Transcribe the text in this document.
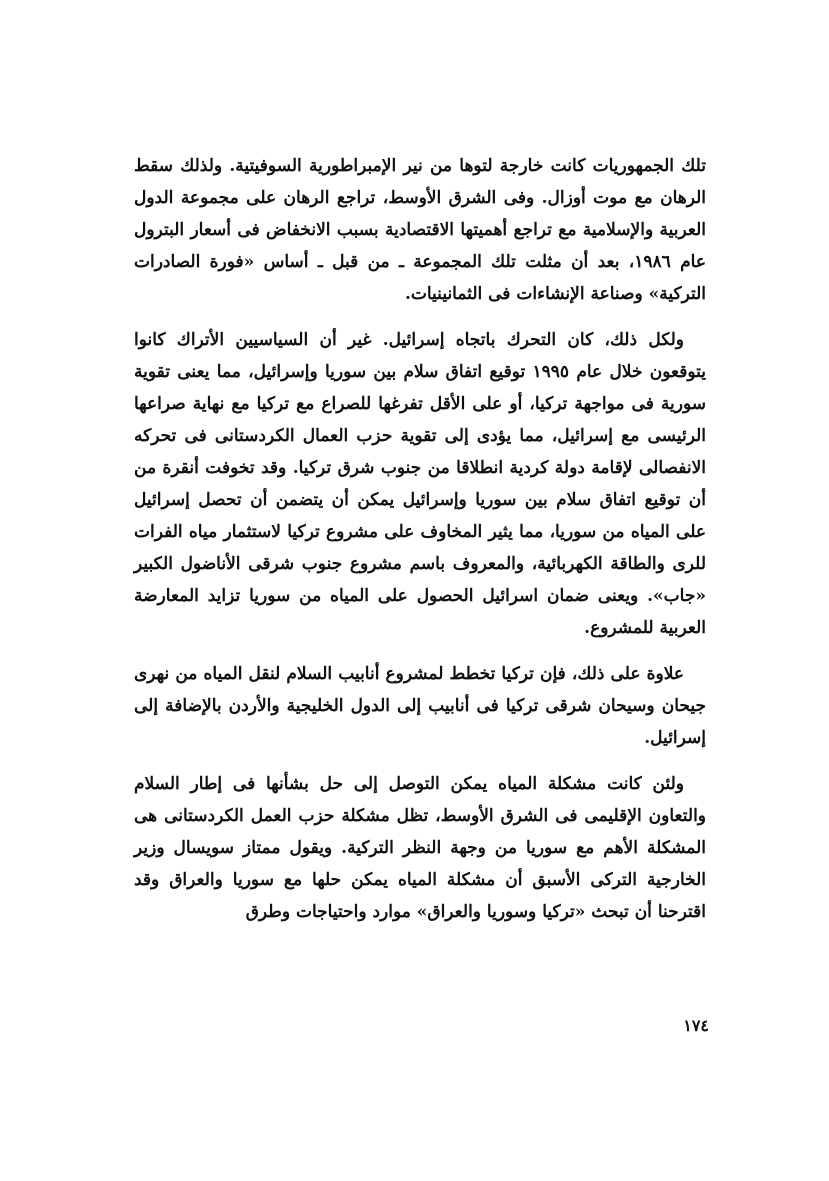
تلك الجمهوريات كانت خارجة لتوها من نير الإمبراطورية السوفيتية. ولذلك سقط الرهان مع موت أوزال. وفى الشرق الأوسط، تراجع الرهان على مجموعة الدول العربية والإسلامية مع تراجع أهميتها الاقتصادية بسبب الانخفاض فى أسعار البترول عام ١٩٨٦، بعد أن مثلت تلك المجموعة ـ من قبل ـ أساس «فورة الصادرات التركية» وصناعة الإنشاءات فى الثمانينيات.

ولكل ذلك، كان التحرك باتجاه إسرائيل. غير أن السياسيين الأتراك كانوا يتوقعون خلال عام ١٩٩٥ توقيع اتفاق سلام بين سوريا وإسرائيل، مما يعنى تقوية سورية فى مواجهة تركيا، أو على الأقل تفرغها للصراع مع تركيا مع نهاية صراعها الرئيسى مع إسرائيل، مما يؤدى إلى تقوية حزب العمال الكردستانى فى تحركه الانفصالى لإقامة دولة كردية انطلاقا من جنوب شرق تركيا. وقد تخوفت أنقرة من أن توقيع اتفاق سلام بين سوريا وإسرائيل يمكن أن يتضمن أن تحصل إسرائيل على المياه من سوريا، مما يثير المخاوف على مشروع تركيا لاستثمار مياه الفرات للرى والطاقة الكهربائية، والمعروف باسم مشروع جنوب شرقى الأناضول الكبير «جاب». ويعنى ضمان اسرائيل الحصول على المياه من سوريا تزايد المعارضة العربية للمشروع.

علاوة على ذلك، فإن تركيا تخطط لمشروع أنابيب السلام لنقل المياه من نهرى جيحان وسيحان شرقى تركيا فى أنابيب إلى الدول الخليجية والأردن بالإضافة إلى إسرائيل.

ولئن كانت مشكلة المياه يمكن التوصل إلى حل بشأنها فى إطار السلام والتعاون الإقليمى فى الشرق الأوسط، تظل مشكلة حزب العمل الكردستانى هى المشكلة الأهم مع سوريا من وجهة النظر التركية. ويقول ممتاز سويسال وزير الخارجية التركى الأسبق أن مشكلة المياه يمكن حلها مع سوريا والعراق وقد اقترحنا أن تبحث «تركيا وسوريا والعراق» موارد واحتياجات وطرق

١٧٤
